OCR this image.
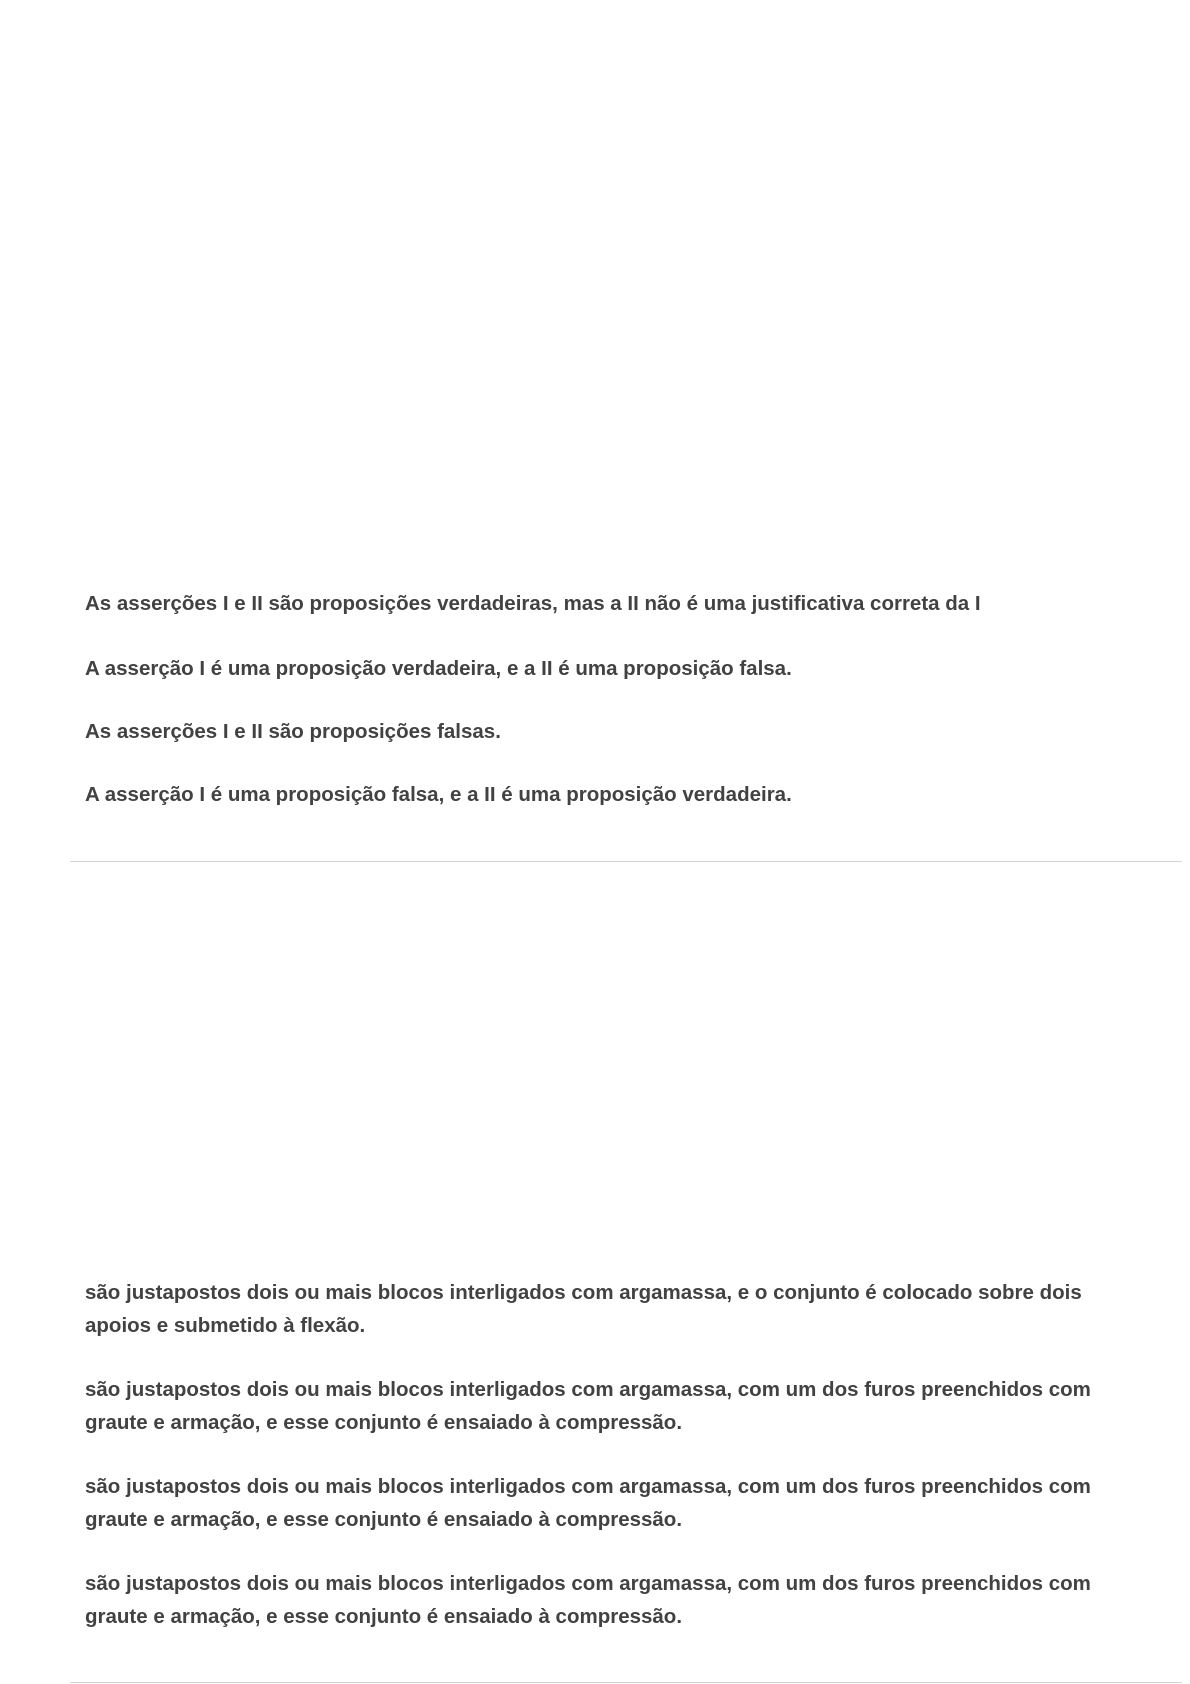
As asserções I e II são proposições verdadeiras, mas a II não é uma justificativa correta da I

A asserção I é uma proposição verdadeira, e a II é uma proposição falsa.

As asserções I e II são proposições falsas.

A asserção I é uma proposição falsa, e a II é uma proposição verdadeira.

são justapostos dois ou mais blocos interligados com argamassa, e o conjunto é colocado sobre dois apoios e submetido à flexão.

são justapostos dois ou mais blocos interligados com argamassa, com um dos furos preenchidos com graute e armação, e esse conjunto é ensaiado à compressão.

são justapostos dois ou mais blocos interligados com argamassa, com um dos furos preenchidos com graute e armação, e esse conjunto é ensaiado à compressão.

são justapostos dois ou mais blocos interligados com argamassa, com um dos furos preenchidos com graute e armação, e esse conjunto é ensaiado à compressão.
